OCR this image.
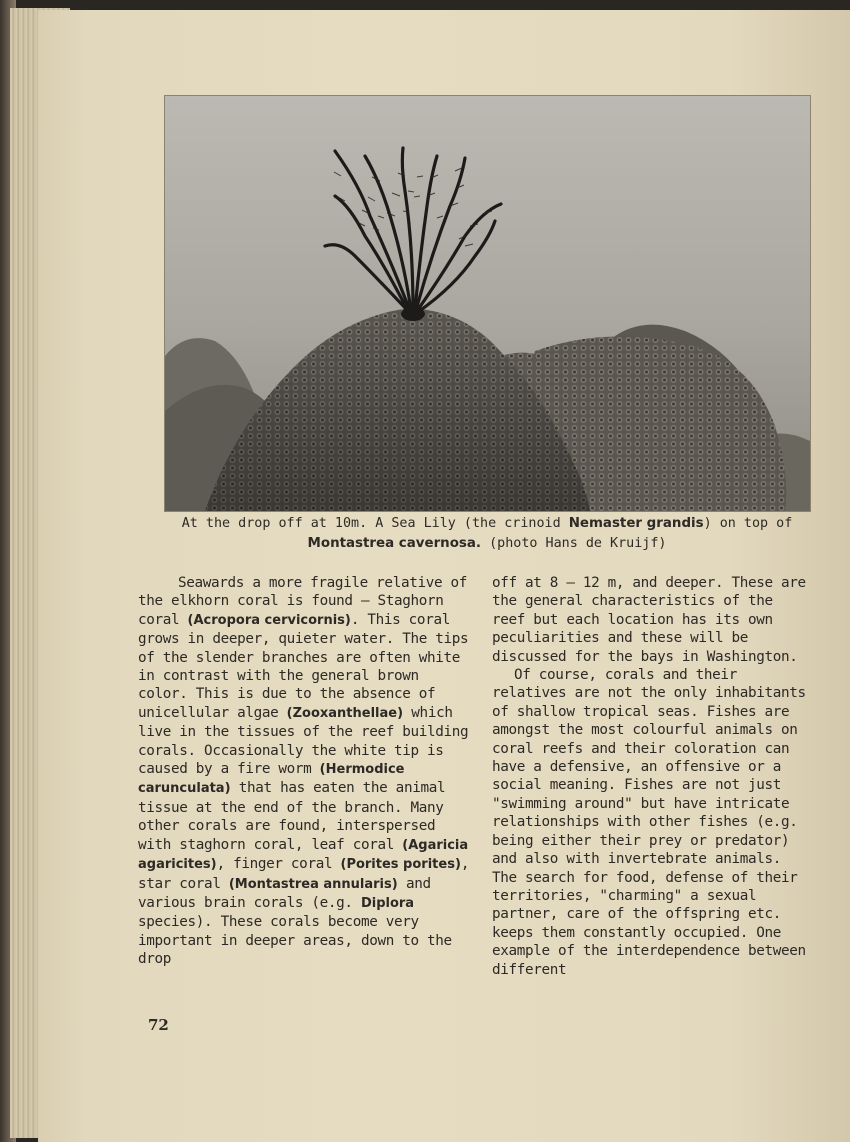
At the drop off at 10m. A Sea Lily (the crinoid Nemaster grandis) on top of Montastrea cavernosa. (photo Hans de Kruijf)

Seawards a more fragile relative of the elkhorn coral is found — Staghorn coral (Acropora cervicornis). This coral grows in deeper, quieter water. The tips of the slender branches are often white in contrast with the general brown color. This is due to the absence of unicellular algae (Zooxanthellae) which live in the tissues of the reef building corals. Occasionally the white tip is caused by a fire worm (Hermodice carunculata) that has eaten the animal tissue at the end of the branch. Many other corals are found, interspersed with staghorn coral, leaf coral (Agaricia agaricites), finger coral (Porites porites), star coral (Montastrea annularis) and various brain corals (e.g. Diplora species). These corals become very important in deeper areas, down to the drop

off at 8 — 12 m, and deeper. These are the general characteristics of the reef but each location has its own peculiarities and these will be discussed for the bays in Washington.

Of course, corals and their relatives are not the only inhabitants of shallow tropical seas. Fishes are amongst the most colourful animals on coral reefs and their coloration can have a defensive, an offensive or a social meaning. Fishes are not just "swimming around" but have intricate relationships with other fishes (e.g. being either their prey or predator) and also with invertebrate animals. The search for food, defense of their territories, "charming" a sexual partner, care of the offspring etc. keeps them constantly occupied. One example of the interdependence between different

72
